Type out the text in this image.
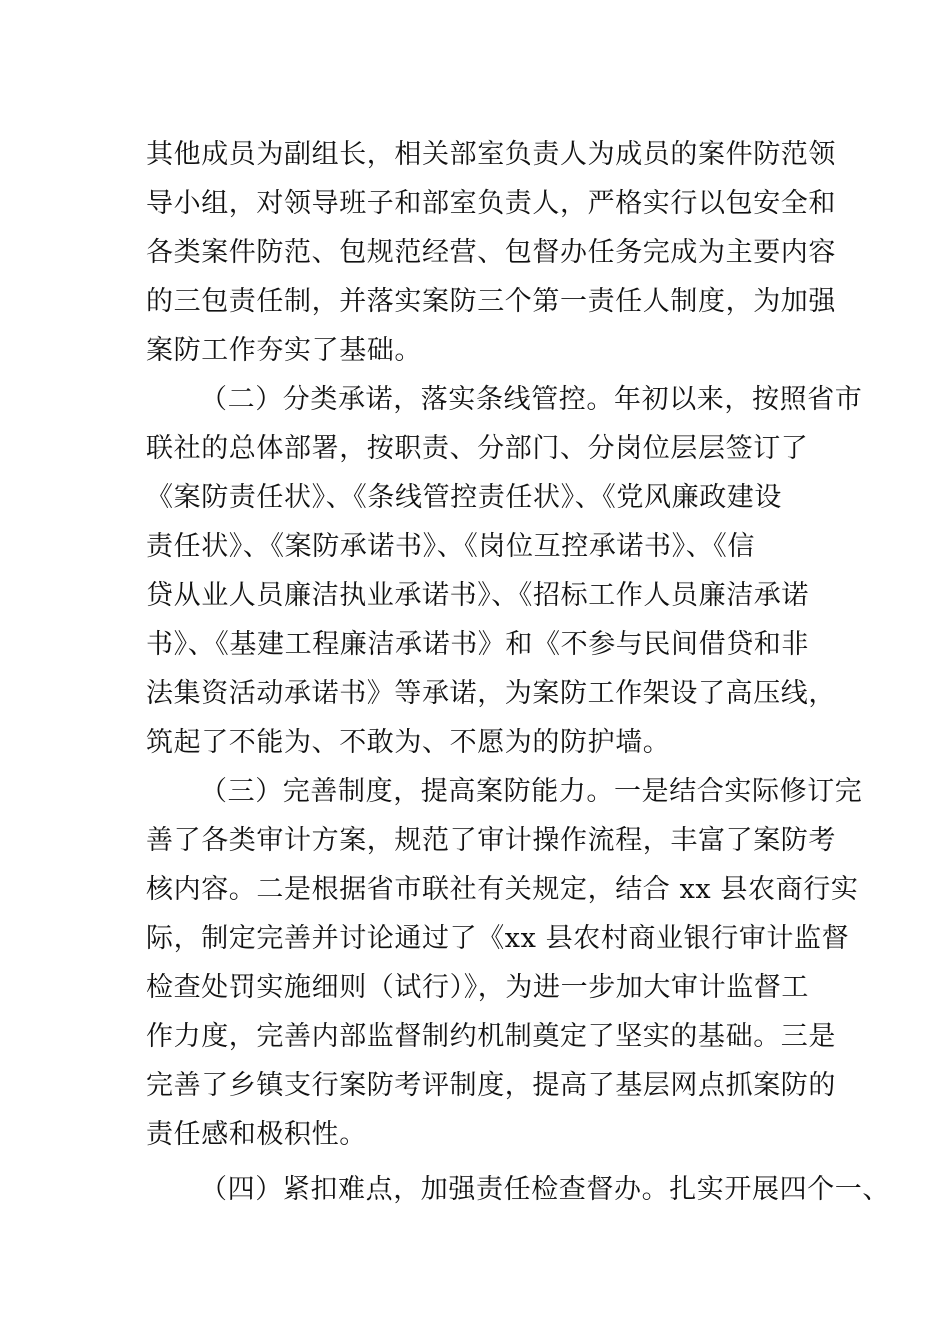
其他成员为副组长，相关部室负责人为成员的案件防范领
导小组，对领导班子和部室负责人，严格实行以包安全和
各类案件防范、包规范经营、包督办任务完成为主要内容
的三包责任制，并落实案防三个第一责任人制度，为加强
案防工作夯实了基础。
（二）分类承诺，落实条线管控。年初以来，按照省市
联社的总体部署，按职责、分部门、分岗位层层签订了
《案防责任状》、《条线管控责任状》、《党风廉政建设
责任状》、《案防承诺书》、《岗位互控承诺书》、《信
贷从业人员廉洁执业承诺书》、《招标工作人员廉洁承诺
书》、《基建工程廉洁承诺书》和《不参与民间借贷和非
法集资活动承诺书》等承诺，为案防工作架设了高压线，
筑起了不能为、不敢为、不愿为的防护墙。
（三）完善制度，提高案防能力。一是结合实际修订完
善了各类审计方案，规范了审计操作流程，丰富了案防考
核内容。二是根据省市联社有关规定，结合 xx 县农商行实
际，制定完善并讨论通过了《xx 县农村商业银行审计监督
检查处罚实施细则（试行）》，为进一步加大审计监督工
作力度，完善内部监督制约机制奠定了坚实的基础。三是
完善了乡镇支行案防考评制度，提高了基层网点抓案防的
责任感和极积性。
（四）紧扣难点，加强责任检查督办。扎实开展四个一、
